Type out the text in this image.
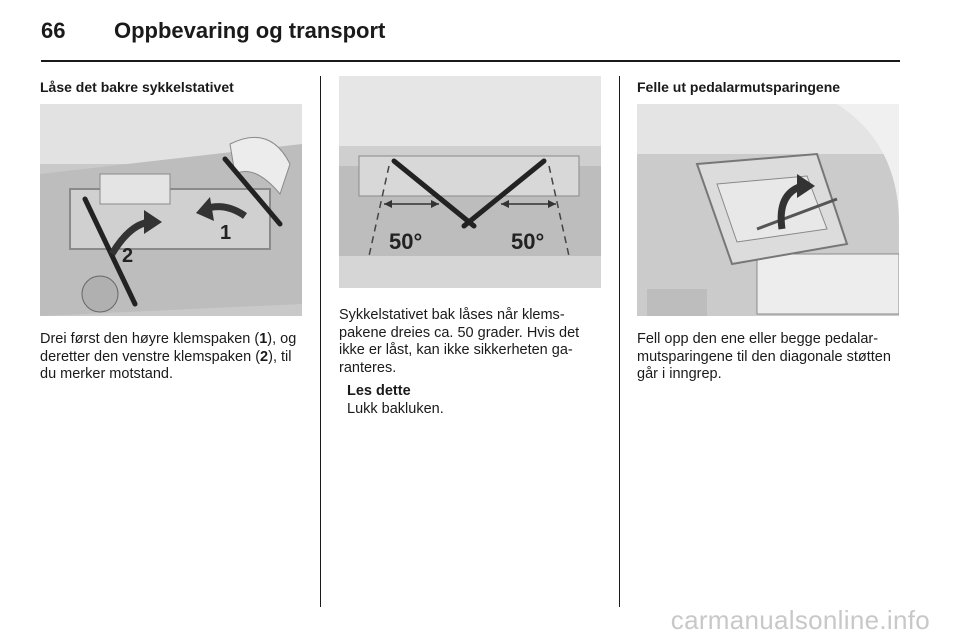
66	Oppbevaring og transport
Låse det bakre sykkelstativet
2
1
Drei først den høyre klemspaken (1), og deretter den venstre klemspaken (2), til du merker motstand.
50°	50°
Sykkelstativet bak låses når klemspakene dreies ca. 50 grader. Hvis det ikke er låst, kan ikke sikkerheten garanteres.
Les dette
Lukk bakluken.
Felle ut pedalarmutsparingene
Fell opp den ene eller begge pedalarmutsparingene til den diagonale støtten går i inngrep.
carmanualsonline.info
